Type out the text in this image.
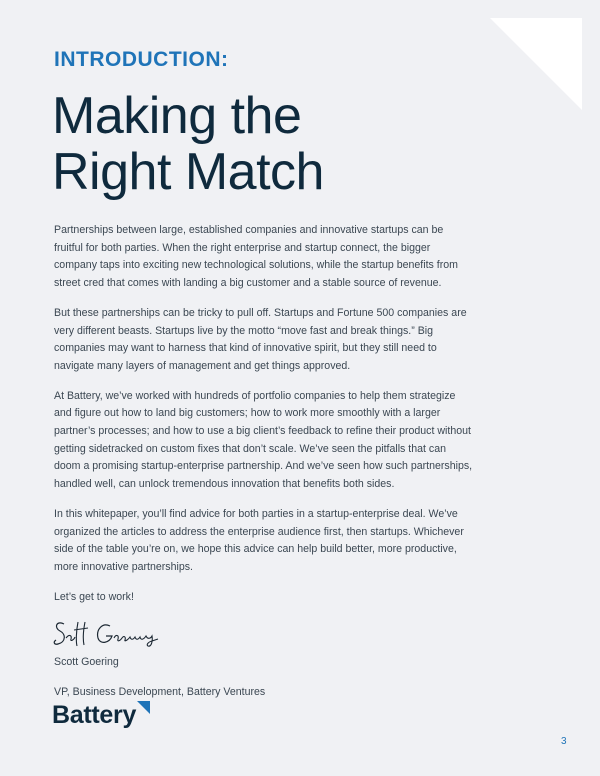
INTRODUCTION:
Making the
Right Match

Partnerships between large, established companies and innovative startups can be fruitful for both parties. When the right enterprise and startup connect, the bigger company taps into exciting new technological solutions, while the startup benefits from street cred that comes with landing a big customer and a stable source of revenue.

But these partnerships can be tricky to pull off. Startups and Fortune 500 companies are very different beasts. Startups live by the motto “move fast and break things.” Big companies may want to harness that kind of innovative spirit, but they still need to navigate many layers of management and get things approved.

At Battery, we’ve worked with hundreds of portfolio companies to help them strategize and figure out how to land big customers; how to work more smoothly with a larger partner’s processes; and how to use a big client’s feedback to refine their product without getting sidetracked on custom fixes that don’t scale. We’ve seen the pitfalls that can doom a promising startup-enterprise partnership. And we’ve seen how such partnerships, handled well, can unlock tremendous innovation that benefits both sides.

In this whitepaper, you’ll find advice for both parties in a startup-enterprise deal. We’ve organized the articles to address the enterprise audience first, then startups. Whichever side of the table you’re on, we hope this advice can help build better, more productive, more innovative partnerships.

Let’s get to work!

Scott Goering

VP, Business Development, Battery Ventures

Battery
3
